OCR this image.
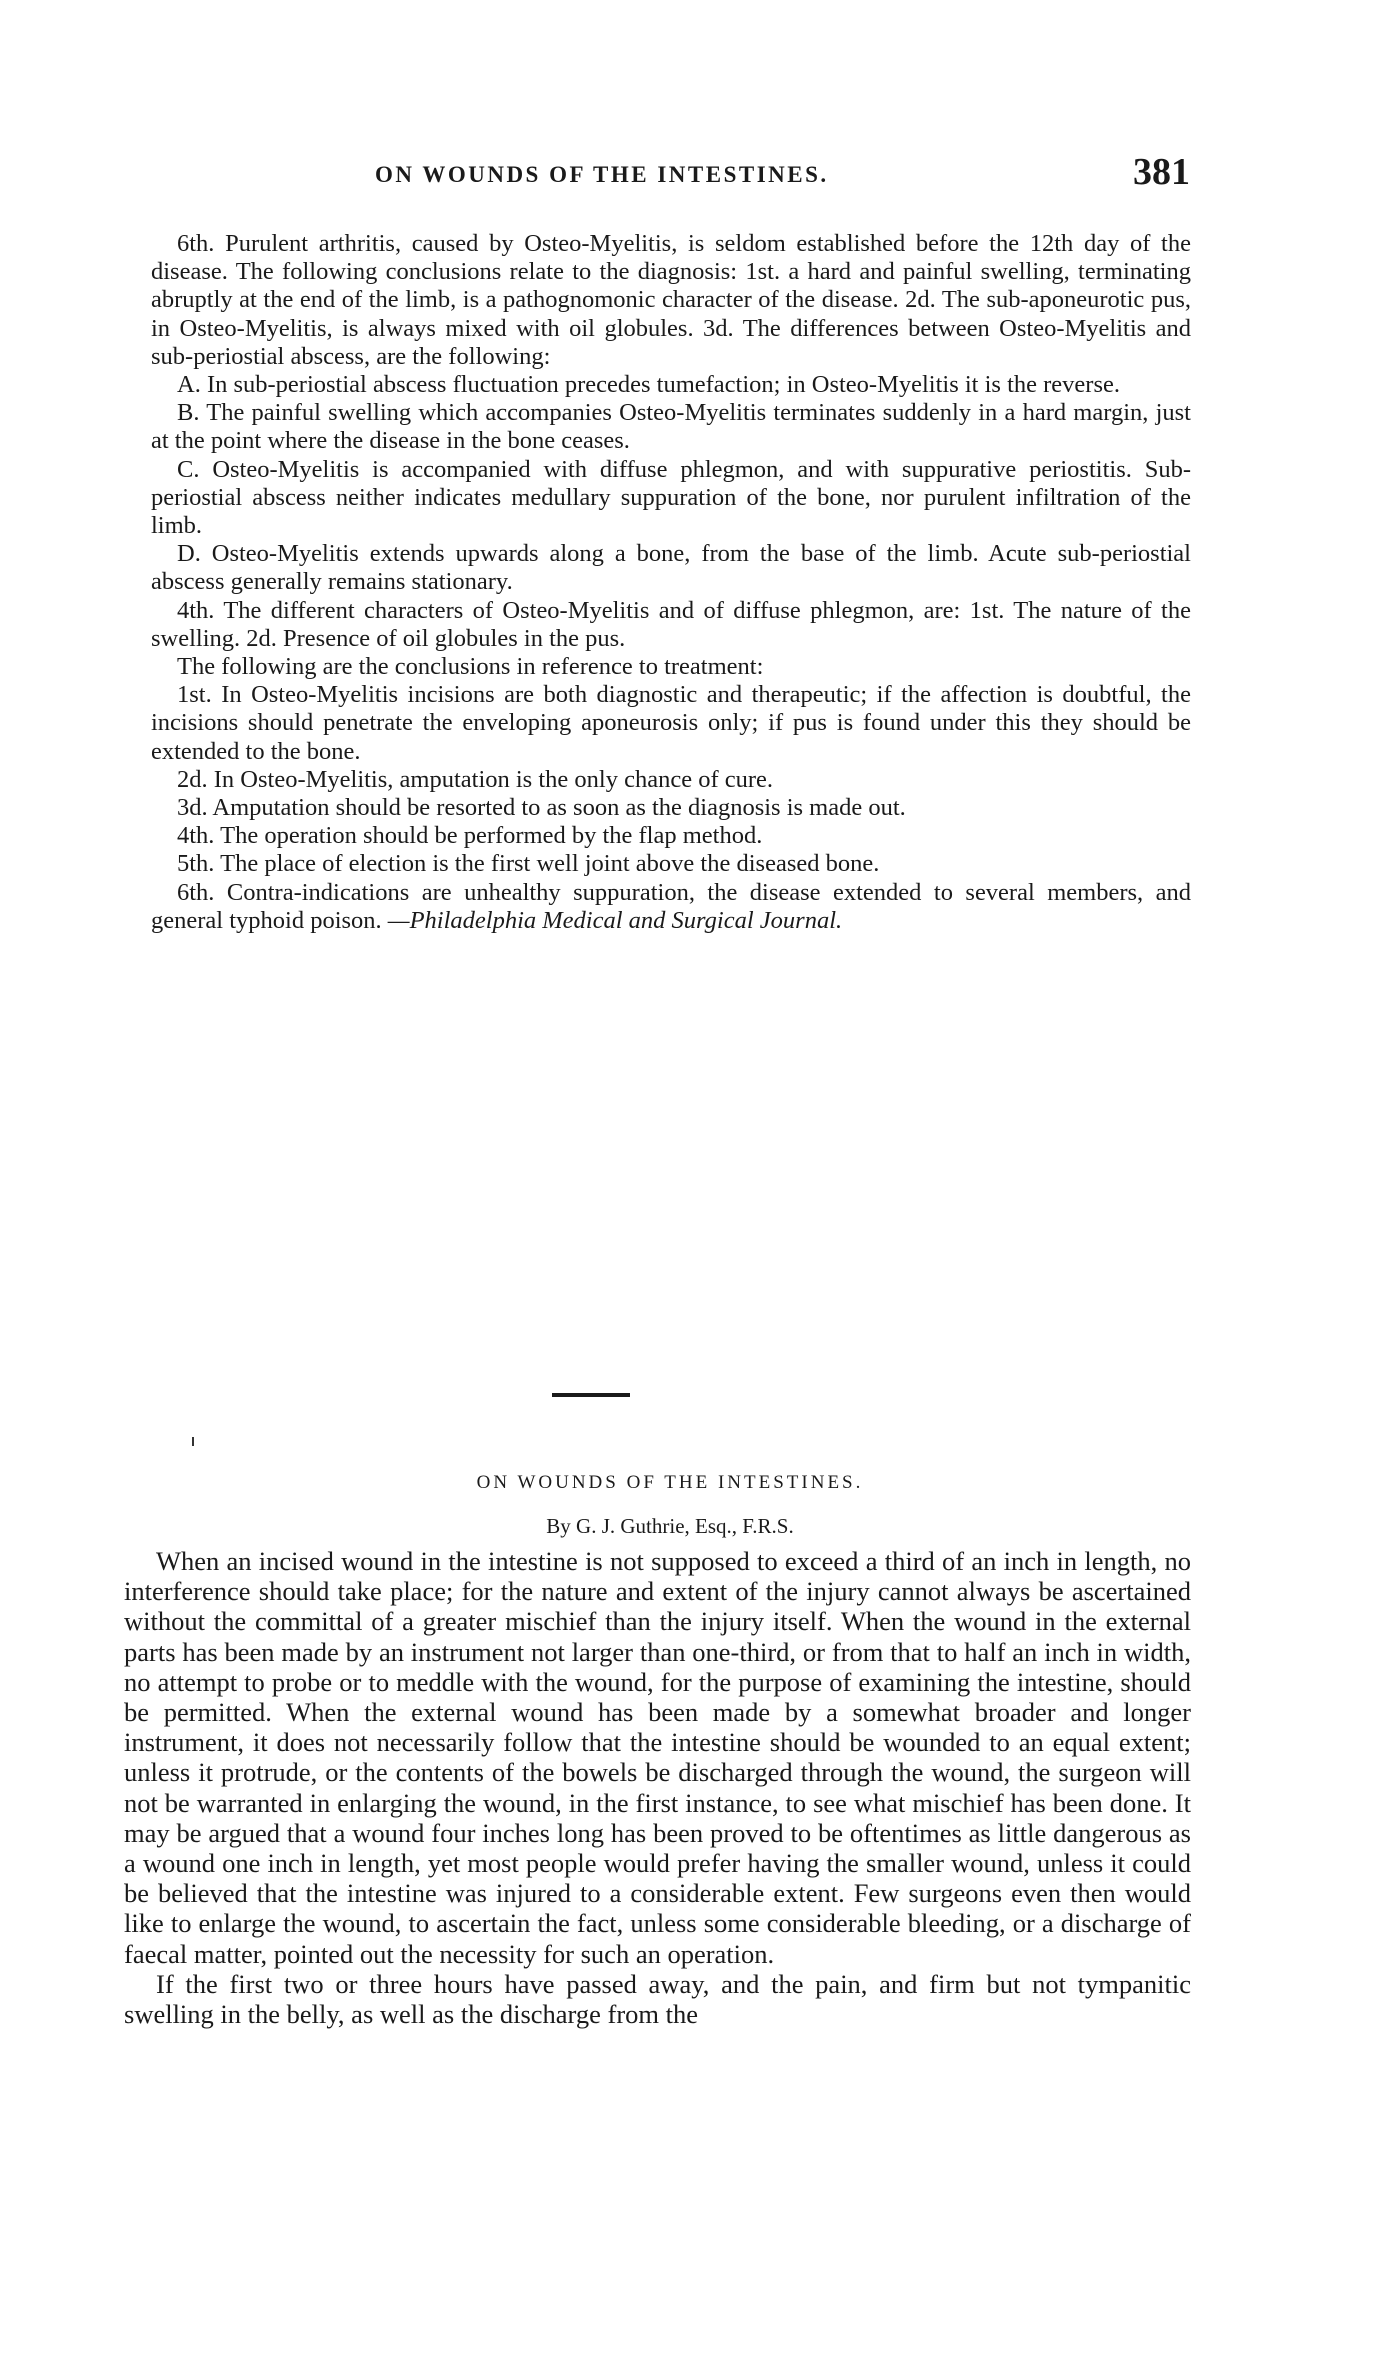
ON WOUNDS OF THE INTESTINES.	381

6th. Purulent arthritis, caused by Osteo-Myelitis, is seldom established before the 12th day of the disease. The following conclusions relate to the diagnosis: 1st. a hard and painful swelling, terminating abruptly at the end of the limb, is a pathognomonic character of the disease. 2d. The sub-aponeurotic pus, in Osteo-Myelitis, is always mixed with oil globules. 3d. The differences between Osteo-Myelitis and sub-periostial abscess, are the following:

A. In sub-periostial abscess fluctuation precedes tumefaction; in Osteo-Myelitis it is the reverse.

B. The painful swelling which accompanies Osteo-Myelitis terminates suddenly in a hard margin, just at the point where the disease in the bone ceases.

C. Osteo-Myelitis is accompanied with diffuse phlegmon, and with suppurative periostitis. Sub-periostial abscess neither indicates medullary suppuration of the bone, nor purulent infiltration of the limb.

D. Osteo-Myelitis extends upwards along a bone, from the base of the limb. Acute sub-periostial abscess generally remains stationary.

4th. The different characters of Osteo-Myelitis and of diffuse phlegmon, are: 1st. The nature of the swelling. 2d. Presence of oil globules in the pus.

The following are the conclusions in reference to treatment:

1st. In Osteo-Myelitis incisions are both diagnostic and therapeutic; if the affection is doubtful, the incisions should penetrate the enveloping aponeurosis only; if pus is found under this they should be extended to the bone.

2d. In Osteo-Myelitis, amputation is the only chance of cure.

3d. Amputation should be resorted to as soon as the diagnosis is made out.

4th. The operation should be performed by the flap method.

5th. The place of election is the first well joint above the diseased bone.

6th. Contra-indications are unhealthy suppuration, the disease extended to several members, and general typhoid poison. —Philadelphia Medical and Surgical Journal.

ON WOUNDS OF THE INTESTINES.
By G. J. Guthrie, Esq., F.R.S.

When an incised wound in the intestine is not supposed to exceed a third of an inch in length, no interference should take place; for the nature and extent of the injury cannot always be ascertained without the committal of a greater mischief than the injury itself. When the wound in the external parts has been made by an instrument not larger than one-third, or from that to half an inch in width, no attempt to probe or to meddle with the wound, for the purpose of examining the intestine, should be permitted. When the external wound has been made by a somewhat broader and longer instrument, it does not necessarily follow that the intestine should be wounded to an equal extent; unless it protrude, or the contents of the bowels be discharged through the wound, the surgeon will not be warranted in enlarging the wound, in the first instance, to see what mischief has been done. It may be argued that a wound four inches long has been proved to be oftentimes as little dangerous as a wound one inch in length, yet most people would prefer having the smaller wound, unless it could be believed that the intestine was injured to a considerable extent. Few surgeons even then would like to enlarge the wound, to ascertain the fact, unless some considerable bleeding, or a discharge of faecal matter, pointed out the necessity for such an operation.

If the first two or three hours have passed away, and the pain, and firm but not tympanitic swelling in the belly, as well as the discharge from the
